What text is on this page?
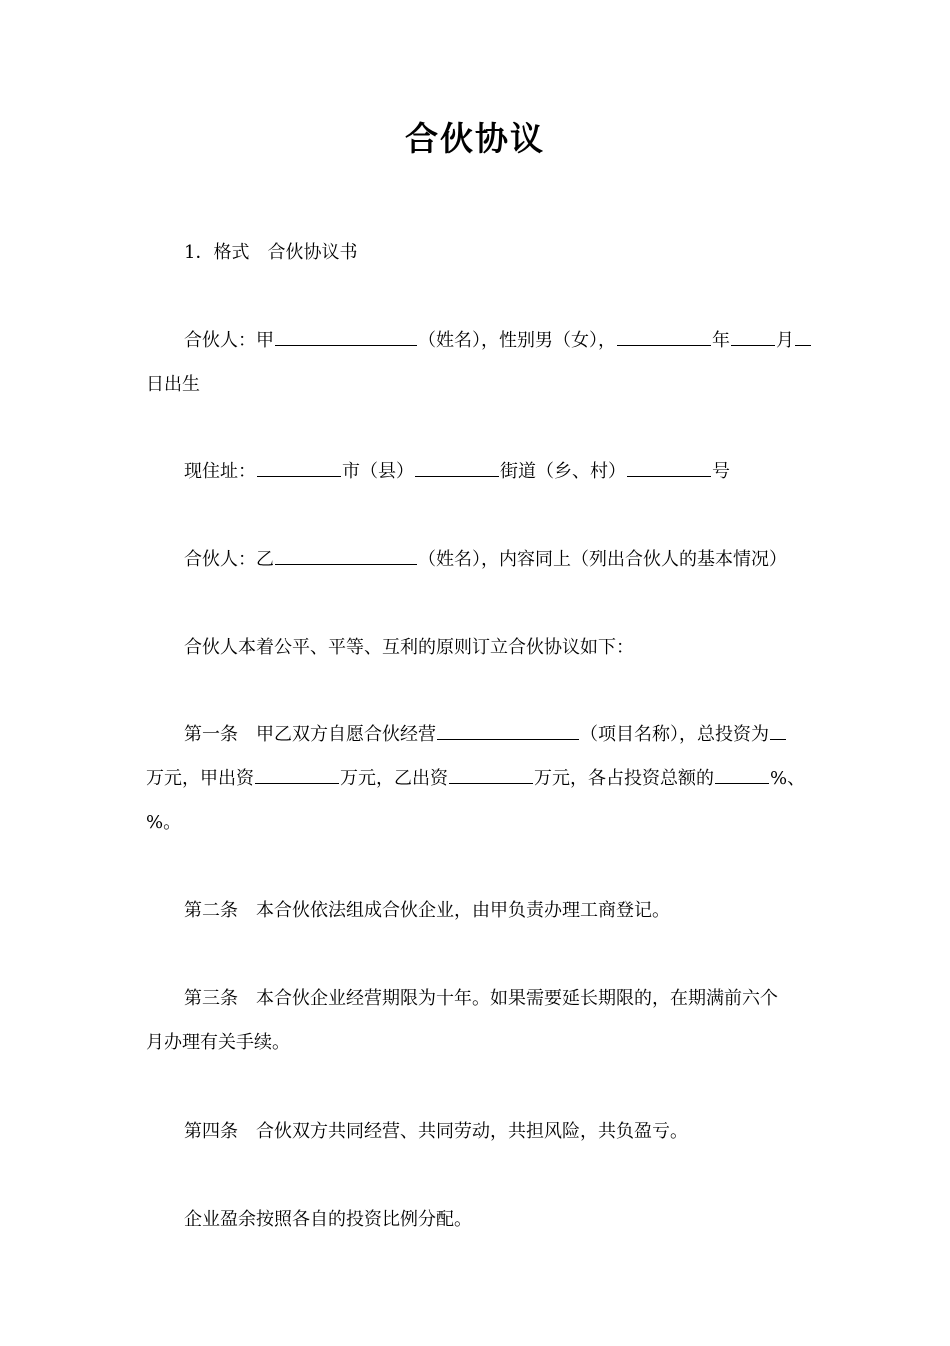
合伙协议
1．格式　合伙协议书
合伙人：甲	（姓名），性别男（女），	年	月
日出生
现住址：	市（县）	街道（乡、村）	号
合伙人：乙	（姓名），内容同上（列出合伙人的基本情况）
合伙人本着公平、平等、互利的原则订立合伙协议如下：
第一条 甲乙双方自愿合伙经营	（项目名称），总投资为
万元，甲出资	万元，乙出资	万元，各占投资总额的	%、
%。
第二条 本合伙依法组成合伙企业，由甲负责办理工商登记。
第三条 本合伙企业经营期限为十年。如果需要延长期限的，在期满前六个
月办理有关手续。
第四条 合伙双方共同经营、共同劳动，共担风险，共负盈亏。
企业盈余按照各自的投资比例分配。
